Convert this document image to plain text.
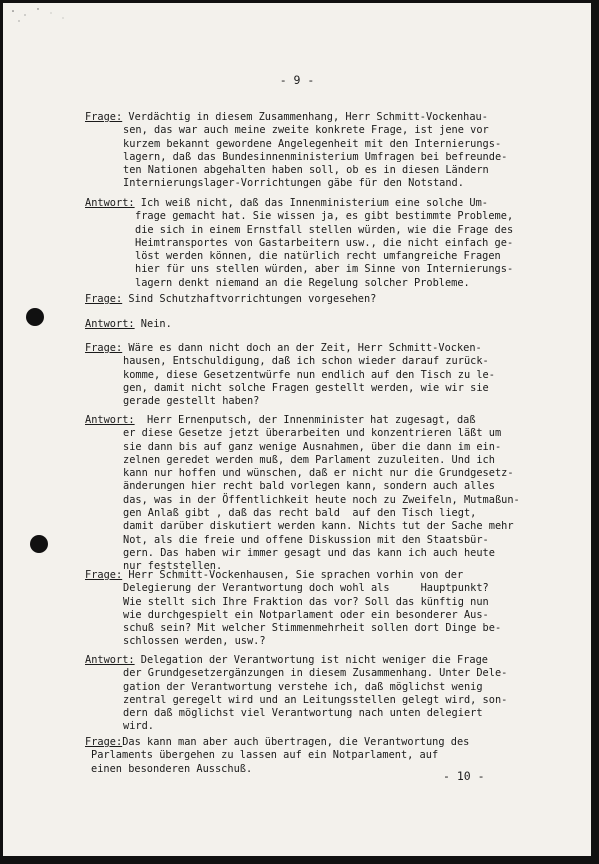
- 9 -
Frage: Verdächtig in diesem Zusammenhang, Herr Schmitt-Vockenhau-
sen, das war auch meine zweite konkrete Frage, ist jene vor
kurzem bekannt gewordene Angelegenheit mit den Internierungs-
lagern, daß das Bundesinnenministerium Umfragen bei befreunde-
ten Nationen abgehalten haben soll, ob es in diesen Ländern
Internierungslager-Vorrichtungen gäbe für den Notstand.
Antwort: Ich weiß nicht, daß das Innenministerium eine solche Um-
frage gemacht hat. Sie wissen ja, es gibt bestimmte Probleme,
die sich in einem Ernstfall stellen würden, wie die Frage des
Heimtransportes von Gastarbeitern usw., die nicht einfach ge-
löst werden können, die natürlich recht umfangreiche Fragen
hier für uns stellen würden, aber im Sinne von Internierungs-
lagern denkt niemand an die Regelung solcher Probleme.
Frage: Sind Schutzhaftvorrichtungen vorgesehen?
Antwort: Nein.
Frage: Wäre es dann nicht doch an der Zeit, Herr Schmitt-Vocken-
hausen, Entschuldigung, daß ich schon wieder darauf zurück-
komme, diese Gesetzentwürfe nun endlich auf den Tisch zu le-
gen, damit nicht solche Fragen gestellt werden, wie wir sie
gerade gestellt haben?
Antwort:  Herr Ernenputsch, der Innenminister hat zugesagt, daß
er diese Gesetze jetzt überarbeiten und konzentrieren läßt um
sie dann bis auf ganz wenige Ausnahmen, über die dann im ein-
zelnen geredet werden muß, dem Parlament zuzuleiten. Und ich
kann nur hoffen und wünschen, daß er nicht nur die Grundgesetz-
änderungen hier recht bald vorlegen kann, sondern auch alles
das, was in der Öffentlichkeit heute noch zu Zweifeln, Mutmaßun-
gen Anlaß gibt , daß das recht bald  auf den Tisch liegt,
damit darüber diskutiert werden kann. Nichts tut der Sache mehr
Not, als die freie und offene Diskussion mit den Staatsbür-
gern. Das haben wir immer gesagt und das kann ich auch heute
nur feststellen.
Frage: Herr Schmitt-Vockenhausen, Sie sprachen vorhin von der
Delegierung der Verantwortung doch wohl als     Hauptpunkt?
Wie stellt sich Ihre Fraktion das vor? Soll das künftig nun
wie durchgespielt ein Notparlament oder ein besonderer Aus-
schuß sein? Mit welcher Stimmenmehrheit sollen dort Dinge be-
schlossen werden, usw.?
Antwort: Delegation der Verantwortung ist nicht weniger die Frage
der Grundgesetzergänzungen in diesem Zusammenhang. Unter Dele-
gation der Verantwortung verstehe ich, daß möglichst wenig
zentral geregelt wird und an Leitungsstellen gelegt wird, son-
dern daß möglichst viel Verantwortung nach unten delegiert
wird.
Frage:Das kann man aber auch übertragen, die Verantwortung des
Parlaments übergehen zu lassen auf ein Notparlament, auf
einen besonderen Ausschuß.
- 10 -
